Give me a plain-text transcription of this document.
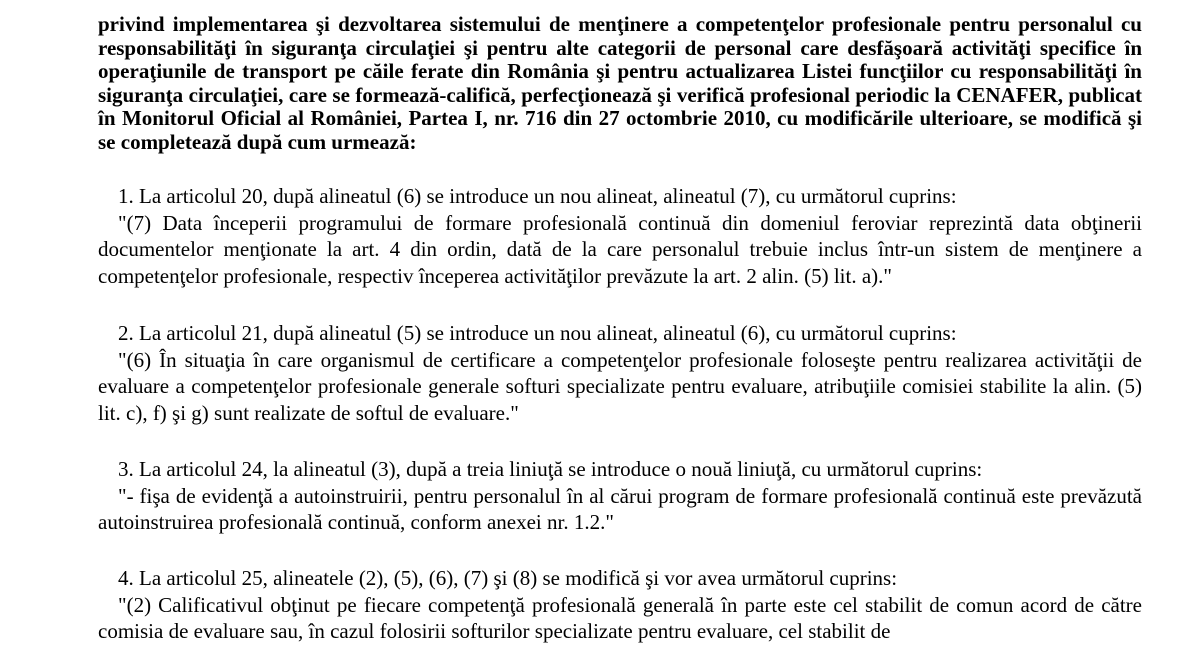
privind implementarea şi dezvoltarea sistemului de menţinere a competenţelor profesionale pentru personalul cu responsabilităţi în siguranţa circulaţiei şi pentru alte categorii de personal care desfăşoară activităţi specifice în operaţiunile de transport pe căile ferate din România şi pentru actualizarea Listei funcţiilor cu responsabilităţi în siguranţa circulaţiei, care se formează-califică, perfecţionează şi verifică profesional periodic la CENAFER, publicat în Monitorul Oficial al României, Partea I, nr. 716 din 27 octombrie 2010, cu modificările ulterioare, se modifică şi se completează după cum urmează:

1. La articolul 20, după alineatul (6) se introduce un nou alineat, alineatul (7), cu următorul cuprins:

"(7) Data începerii programului de formare profesională continuă din domeniul feroviar reprezintă data obţinerii documentelor menţionate la art. 4 din ordin, dată de la care personalul trebuie inclus într-un sistem de menţinere a competenţelor profesionale, respectiv începerea activităţilor prevăzute la art. 2 alin. (5) lit. a)."

2. La articolul 21, după alineatul (5) se introduce un nou alineat, alineatul (6), cu următorul cuprins:

"(6) În situaţia în care organismul de certificare a competenţelor profesionale foloseşte pentru realizarea activităţii de evaluare a competenţelor profesionale generale softuri specializate pentru evaluare, atribuţiile comisiei stabilite la alin. (5) lit. c), f) şi g) sunt realizate de softul de evaluare."

3. La articolul 24, la alineatul (3), după a treia liniuţă se introduce o nouă liniuţă, cu următorul cuprins:

"- fişa de evidenţă a autoinstruirii, pentru personalul în al cărui program de formare profesională continuă este prevăzută autoinstruirea profesională continuă, conform anexei nr. 1.2."

4. La articolul 25, alineatele (2), (5), (6), (7) şi (8) se modifică şi vor avea următorul cuprins:

"(2) Calificativul obţinut pe fiecare competenţă profesională generală în parte este cel stabilit de comun acord de către comisia de evaluare sau, în cazul folosirii softurilor specializate pentru evaluare, cel stabilit de
